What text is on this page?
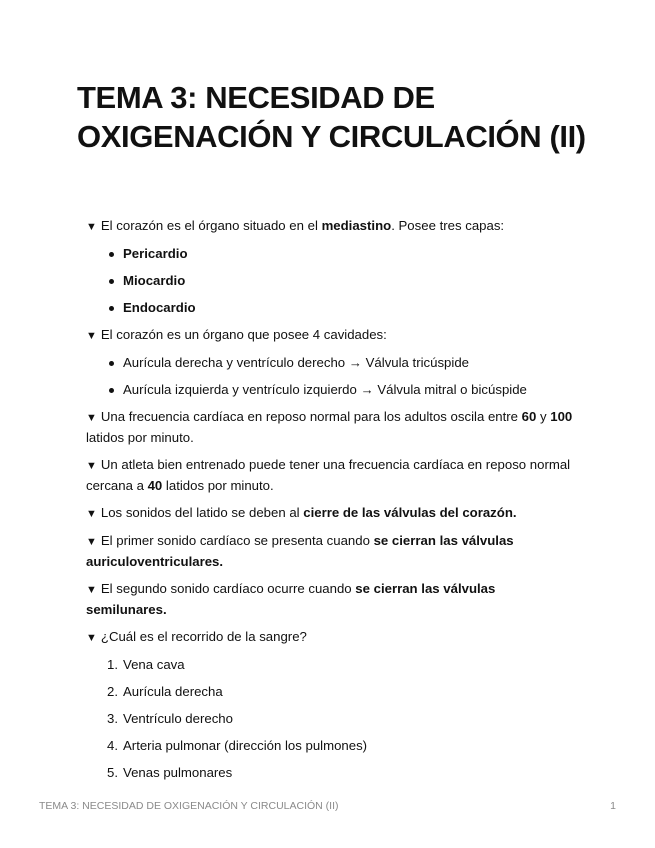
TEMA 3: NECESIDAD DE OXIGENACIÓN Y CIRCULACIÓN (II)
▼ El corazón es el órgano situado en el mediastino. Posee tres capas:
Pericardio
Miocardio
Endocardio
▼ El corazón es un órgano que posee 4 cavidades:
Aurícula derecha y ventrículo derecho → Válvula tricúspide
Aurícula izquierda y ventrículo izquierdo → Válvula mitral o bicúspide
▼ Una frecuencia cardíaca en reposo normal para los adultos oscila entre 60 y 100 latidos por minuto.
▼ Un atleta bien entrenado puede tener una frecuencia cardíaca en reposo normal cercana a 40 latidos por minuto.
▼ Los sonidos del latido se deben al cierre de las válvulas del corazón.
▼ El primer sonido cardíaco se presenta cuando se cierran las válvulas auriculoventriculares.
▼ El segundo sonido cardíaco ocurre cuando se cierran las válvulas semilunares.
▼ ¿Cuál es el recorrido de la sangre?
1. Vena cava
2. Aurícula derecha
3. Ventrículo derecho
4. Arteria pulmonar (dirección los pulmones)
5. Venas pulmonares
TEMA 3: NECESIDAD DE OXIGENACIÓN Y CIRCULACIÓN (II)	1
